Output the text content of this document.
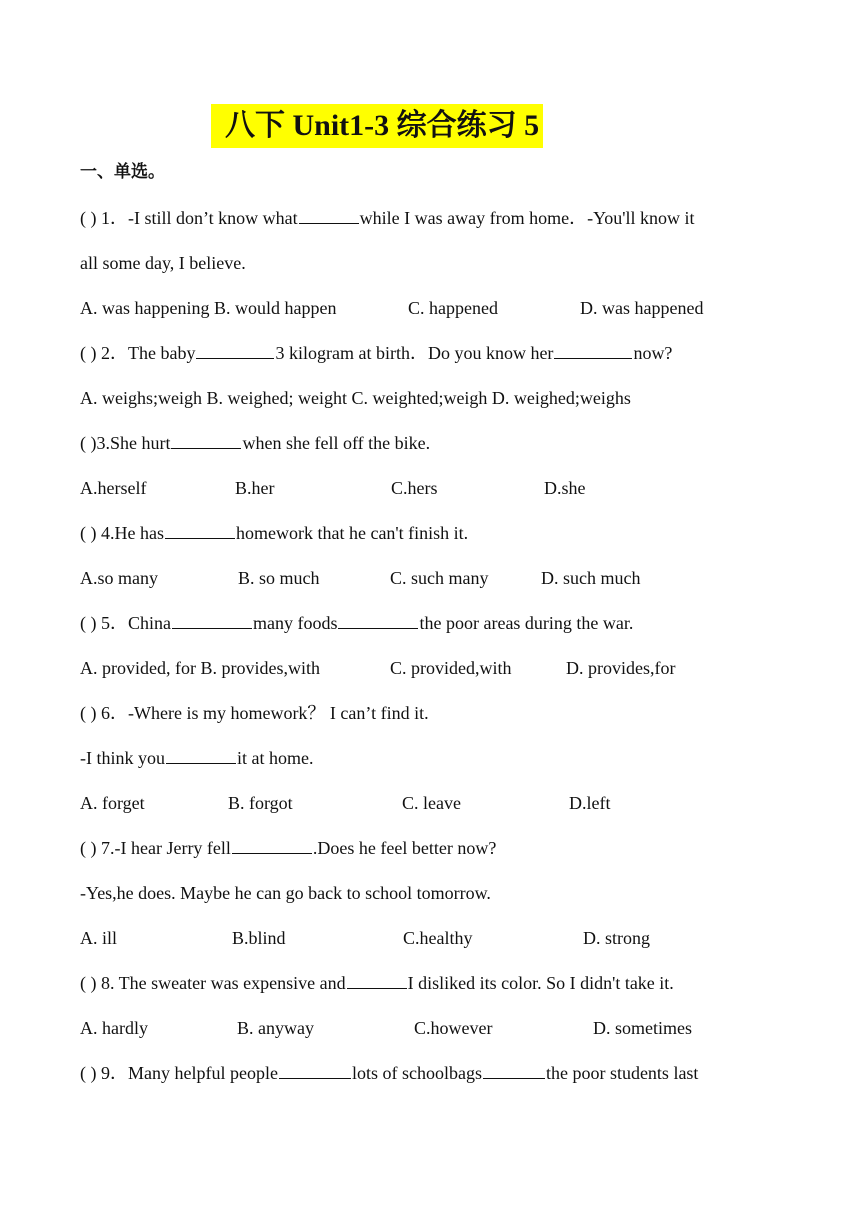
八下 Unit1-3 综合练习 5
一、单选。
( ) 1．-I still don’t know what	while I was away from home．-You'll know it
all some day, I believe.
A. was happening B. would happen	C. happened	D. was happened
( ) 2．The baby	3 kilogram at birth．Do you know her	now?
A. weighs;weigh B. weighed; weight C. weighted;weigh D. weighed;weighs
( )3.She hurt	when she fell off the bike.
A.herself	B.her	C.hers	D.she
( ) 4.He has	homework that he can't finish it.
A.so many	B. so much	C. such many	D. such much
( ) 5．China	many foods	the poor areas during the war.
A. provided, for B. provides,with	C. provided,with	D. provides,for
( ) 6．-Where is my homework？ I can’t find it.
-I think you	it at home.
A. forget	B. forgot	C. leave	D.left
( ) 7.-I hear Jerry fell	.Does he feel better now?
-Yes,he does. Maybe he can go back to school tomorrow.
A. ill	B.blind	C.healthy	D. strong
( ) 8. The sweater was expensive and	I disliked its color. So I didn't take it.
A. hardly	B. anyway	C.however	D. sometimes
( ) 9．Many helpful people	lots of schoolbags	the poor students last
